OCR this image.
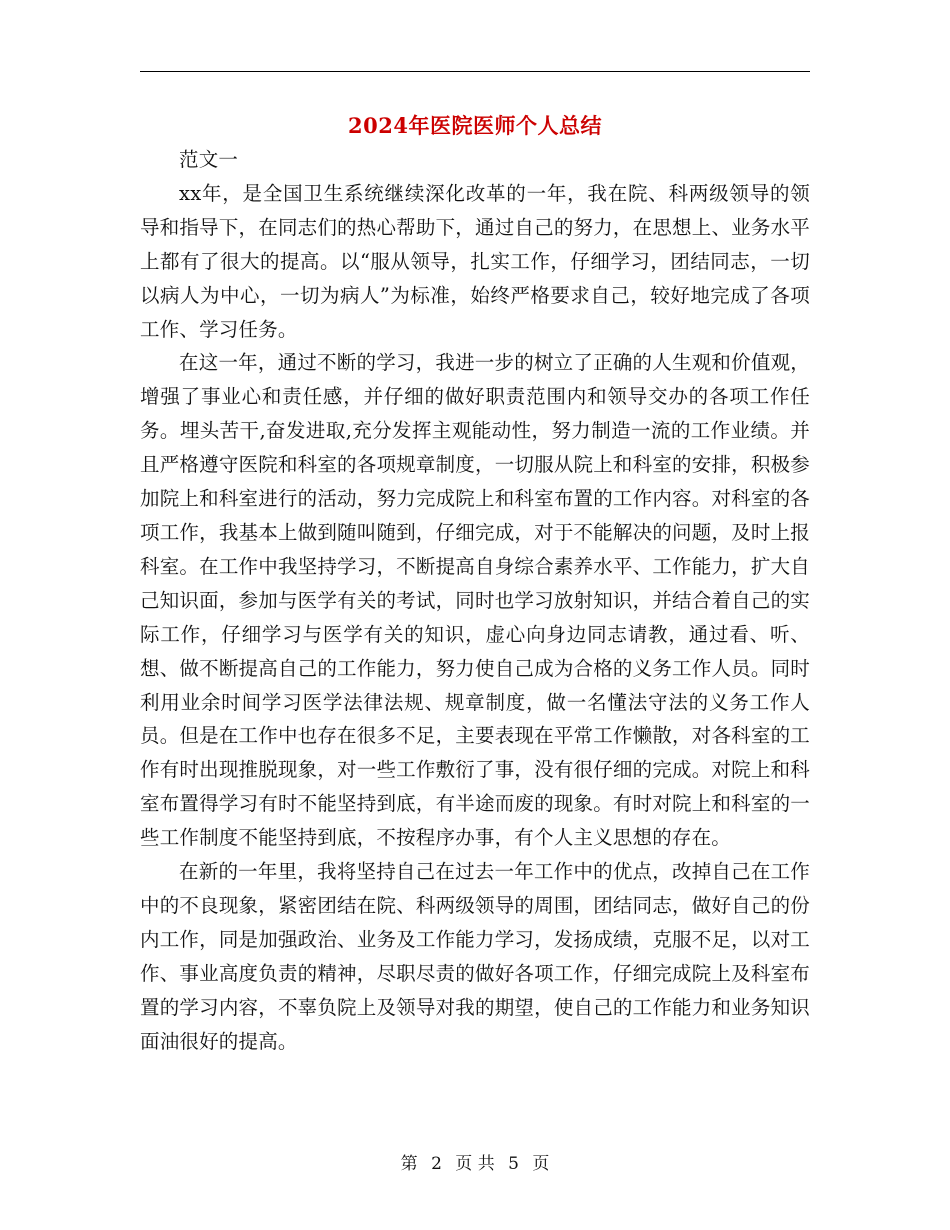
2024年医院医师个人总结

范文一

xx年，是全国卫生系统继续深化改革的一年，我在院、科两级领导的领导和指导下，在同志们的热心帮助下，通过自己的努力，在思想上、业务水平上都有了很大的提高。以“服从领导，扎实工作，仔细学习，团结同志，一切以病人为中心，一切为病人”为标准，始终严格要求自己，较好地完成了各项工作、学习任务。

在这一年，通过不断的学习，我进一步的树立了正确的人生观和价值观，增强了事业心和责任感，并仔细的做好职责范围内和领导交办的各项工作任务。埋头苦干,奋发进取,充分发挥主观能动性，努力制造一流的工作业绩。并且严格遵守医院和科室的各项规章制度，一切服从院上和科室的安排，积极参加院上和科室进行的活动，努力完成院上和科室布置的工作内容。对科室的各项工作，我基本上做到随叫随到，仔细完成，对于不能解决的问题，及时上报科室。在工作中我坚持学习，不断提高自身综合素养水平、工作能力，扩大自己知识面，参加与医学有关的考试，同时也学习放射知识，并结合着自己的实际工作，仔细学习与医学有关的知识，虚心向身边同志请教，通过看、听、想、做不断提高自己的工作能力，努力使自己成为合格的义务工作人员。同时利用业余时间学习医学法律法规、规章制度，做一名懂法守法的义务工作人员。但是在工作中也存在很多不足，主要表现在平常工作懒散，对各科室的工作有时出现推脱现象，对一些工作敷衍了事，没有很仔细的完成。对院上和科室布置得学习有时不能坚持到底，有半途而废的现象。有时对院上和科室的一些工作制度不能坚持到底，不按程序办事，有个人主义思想的存在。

在新的一年里，我将坚持自己在过去一年工作中的优点，改掉自己在工作中的不良现象，紧密团结在院、科两级领导的周围，团结同志，做好自己的份内工作，同是加强政治、业务及工作能力学习，发扬成绩，克服不足，以对工作、事业高度负责的精神，尽职尽责的做好各项工作，仔细完成院上及科室布置的学习内容，不辜负院上及领导对我的期望，使自己的工作能力和业务知识面油很好的提高。

第 2 页 共 5 页
